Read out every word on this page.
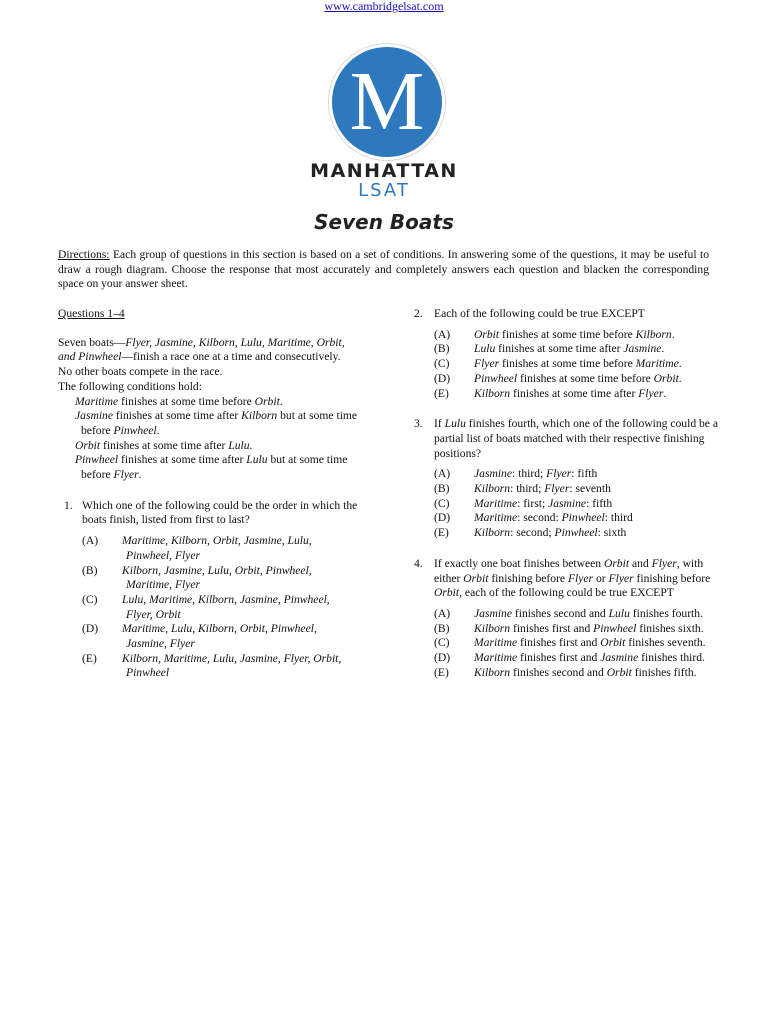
www.cambridgelsat.com
M
MANHATTAN
LSAT
Seven Boats
Directions: Each group of questions in this section is based on a set of conditions. In answering some of the questions, it may be useful to draw a rough diagram. Choose the response that most accurately and completely answers each question and blacken the corresponding space on your answer sheet.
Questions 1–4
Seven boats—Flyer, Jasmine, Kilborn, Lulu, Maritime, Orbit, and Pinwheel—finish a race one at a time and consecutively.
No other boats compete in the race.
The following conditions hold:
Maritime finishes at some time before Orbit.
Jasmine finishes at some time after Kilborn but at some time before Pinwheel.
Orbit finishes at some time after Lulu.
Pinwheel finishes at some time after Lulu but at some time before Flyer.
1. Which one of the following could be the order in which the boats finish, listed from first to last?
(A) Maritime, Kilborn, Orbit, Jasmine, Lulu,
Pinwheel, Flyer
(B) Kilborn, Jasmine, Lulu, Orbit, Pinwheel,
Maritime, Flyer
(C) Lulu, Maritime, Kilborn, Jasmine, Pinwheel,
Flyer, Orbit
(D) Maritime, Lulu, Kilborn, Orbit, Pinwheel,
Jasmine, Flyer
(E) Kilborn, Maritime, Lulu, Jasmine, Flyer, Orbit,
Pinwheel
2. Each of the following could be true EXCEPT
(A) Orbit finishes at some time before Kilborn.
(B) Lulu finishes at some time after Jasmine.
(C) Flyer finishes at some time before Maritime.
(D) Pinwheel finishes at some time before Orbit.
(E) Kilborn finishes at some time after Flyer.
3. If Lulu finishes fourth, which one of the following could be a partial list of boats matched with their respective finishing positions?
(A) Jasmine: third; Flyer: fifth
(B) Kilborn: third; Flyer: seventh
(C) Maritime: first; Jasmine: fifth
(D) Maritime: second: Pinwheel: third
(E) Kilborn: second; Pinwheel: sixth
4. If exactly one boat finishes between Orbit and Flyer, with either Orbit finishing before Flyer or Flyer finishing before Orbit, each of the following could be true EXCEPT
(A) Jasmine finishes second and Lulu finishes fourth.
(B) Kilborn finishes first and Pinwheel finishes sixth.
(C) Maritime finishes first and Orbit finishes seventh.
(D) Maritime finishes first and Jasmine finishes third.
(E) Kilborn finishes second and Orbit finishes fifth.
